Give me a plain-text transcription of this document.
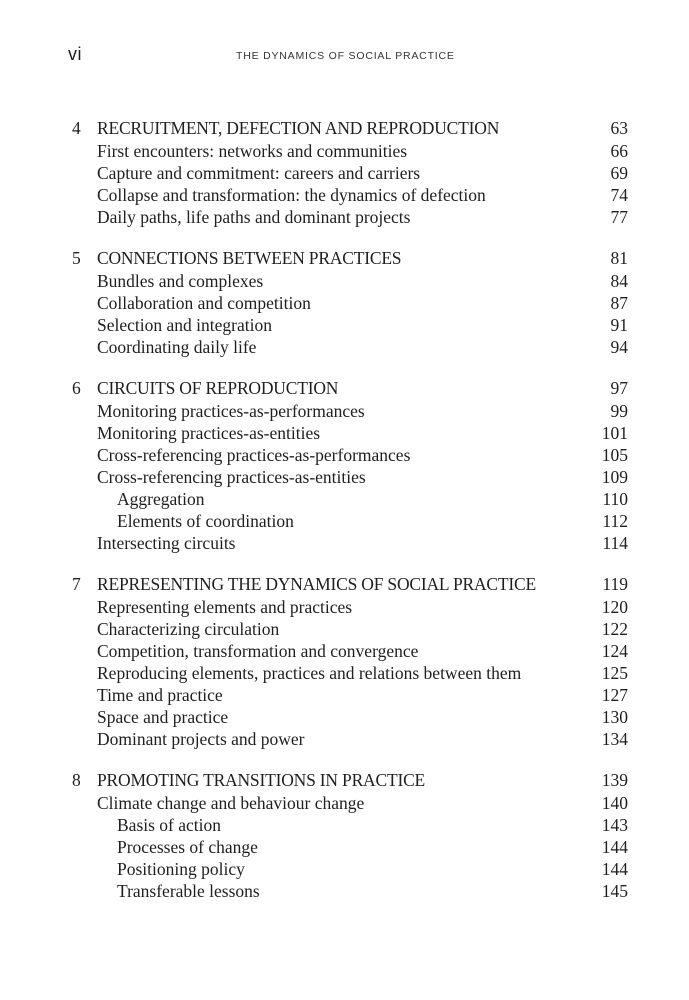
vi	THE DYNAMICS OF SOCIAL PRACTICE
4 RECRUITMENT, DEFECTION AND REPRODUCTION	63
First encounters: networks and communities	66
Capture and commitment: careers and carriers	69
Collapse and transformation: the dynamics of defection	74
Daily paths, life paths and dominant projects	77
5 CONNECTIONS BETWEEN PRACTICES	81
Bundles and complexes	84
Collaboration and competition	87
Selection and integration	91
Coordinating daily life	94
6 CIRCUITS OF REPRODUCTION	97
Monitoring practices-as-performances	99
Monitoring practices-as-entities	101
Cross-referencing practices-as-performances	105
Cross-referencing practices-as-entities	109
Aggregation	110
Elements of coordination	112
Intersecting circuits	114
7 REPRESENTING THE DYNAMICS OF SOCIAL PRACTICE	119
Representing elements and practices	120
Characterizing circulation	122
Competition, transformation and convergence	124
Reproducing elements, practices and relations between them	125
Time and practice	127
Space and practice	130
Dominant projects and power	134
8 PROMOTING TRANSITIONS IN PRACTICE	139
Climate change and behaviour change	140
Basis of action	143
Processes of change	144
Positioning policy	144
Transferable lessons	145
